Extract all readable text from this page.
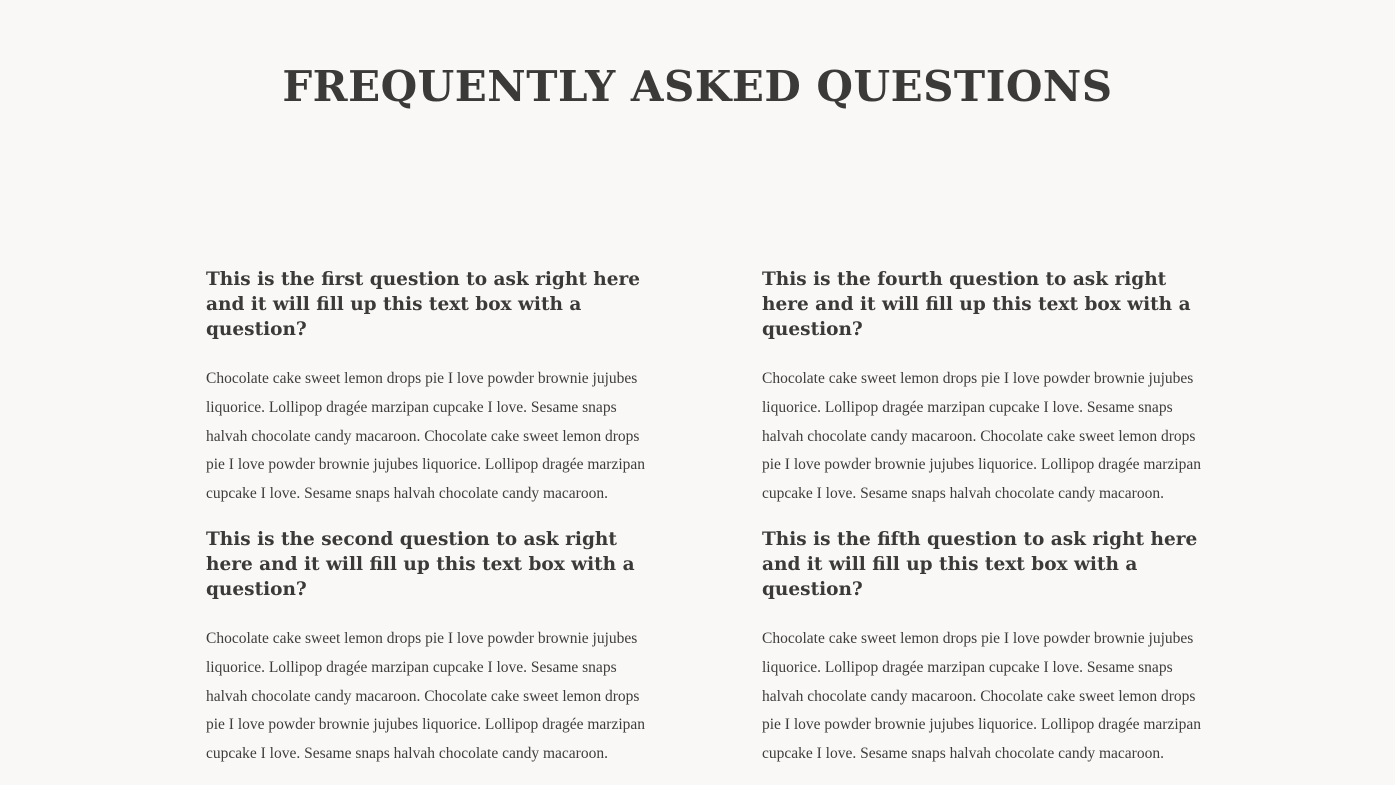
FREQUENTLY ASKED QUESTIONS
This is the first question to ask right here and it will fill up this text box with a question?

Chocolate cake sweet lemon drops pie I love powder brownie jujubes liquorice. Lollipop dragée marzipan cupcake I love. Sesame snaps halvah chocolate candy macaroon. Chocolate cake sweet lemon drops pie I love powder brownie jujubes liquorice. Lollipop dragée marzipan cupcake I love. Sesame snaps halvah chocolate candy macaroon.

This is the fourth question to ask right here and it will fill up this text box with a question?

Chocolate cake sweet lemon drops pie I love powder brownie jujubes liquorice. Lollipop dragée marzipan cupcake I love. Sesame snaps halvah chocolate candy macaroon. Chocolate cake sweet lemon drops pie I love powder brownie jujubes liquorice. Lollipop dragée marzipan cupcake I love. Sesame snaps halvah chocolate candy macaroon.

This is the second question to ask right here and it will fill up this text box with a question?

Chocolate cake sweet lemon drops pie I love powder brownie jujubes liquorice. Lollipop dragée marzipan cupcake I love. Sesame snaps halvah chocolate candy macaroon. Chocolate cake sweet lemon drops pie I love powder brownie jujubes liquorice. Lollipop dragée marzipan cupcake I love. Sesame snaps halvah chocolate candy macaroon.

This is the fifth question to ask right here and it will fill up this text box with a question?

Chocolate cake sweet lemon drops pie I love powder brownie jujubes liquorice. Lollipop dragée marzipan cupcake I love. Sesame snaps halvah chocolate candy macaroon. Chocolate cake sweet lemon drops pie I love powder brownie jujubes liquorice. Lollipop dragée marzipan cupcake I love. Sesame snaps halvah chocolate candy macaroon.
